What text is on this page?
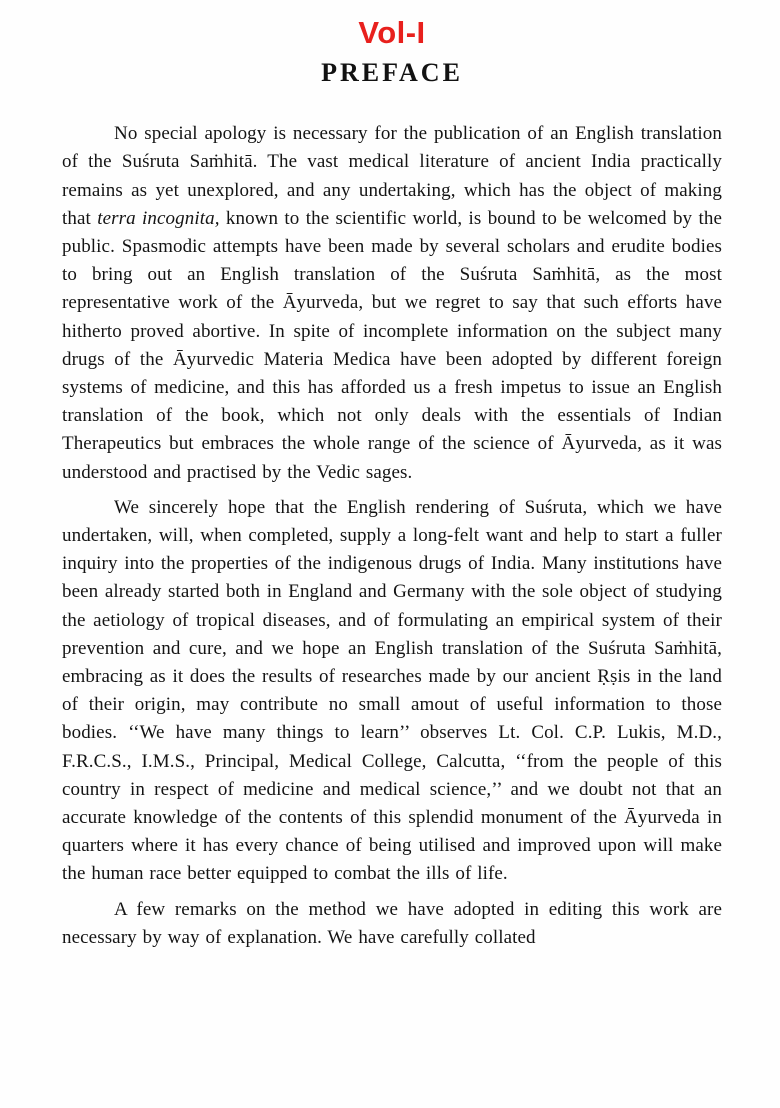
Vol-I
PREFACE

No special apology is necessary for the publication of an English translation of the Suśruta Saṁhitā. The vast medical literature of ancient India practically remains as yet unexplored, and any undertaking, which has the object of making that terra incognita, known to the scientific world, is bound to be welcomed by the public. Spasmodic attempts have been made by several scholars and erudite bodies to bring out an English translation of the Suśruta Saṁhitā, as the most representative work of the Āyurveda, but we regret to say that such efforts have hitherto proved abortive. In spite of incomplete information on the subject many drugs of the Āyurvedic Materia Medica have been adopted by different foreign systems of medicine, and this has afforded us a fresh impetus to issue an English translation of the book, which not only deals with the essentials of Indian Therapeutics but embraces the whole range of the science of Āyurveda, as it was understood and practised by the Vedic sages.

We sincerely hope that the English rendering of Suśruta, which we have undertaken, will, when completed, supply a long-felt want and help to start a fuller inquiry into the properties of the indigenous drugs of India. Many institutions have been already started both in England and Germany with the sole object of studying the aetiology of tropical diseases, and of formulating an empirical system of their prevention and cure, and we hope an English translation of the Suśruta Saṁhitā, embracing as it does the results of researches made by our ancient Ṛṣis in the land of their origin, may contribute no small amout of useful information to those bodies. ‘‘We have many things to learn’’ observes Lt. Col. C.P. Lukis, M.D., F.R.C.S., I.M.S., Principal, Medical College, Calcutta, ‘‘from the people of this country in respect of medicine and medical science,’’ and we doubt not that an accurate knowledge of the contents of this splendid monument of the Āyurveda in quarters where it has every chance of being utilised and improved upon will make the human race better equipped to combat the ills of life.

A few remarks on the method we have adopted in editing this work are necessary by way of explanation. We have carefully collated
